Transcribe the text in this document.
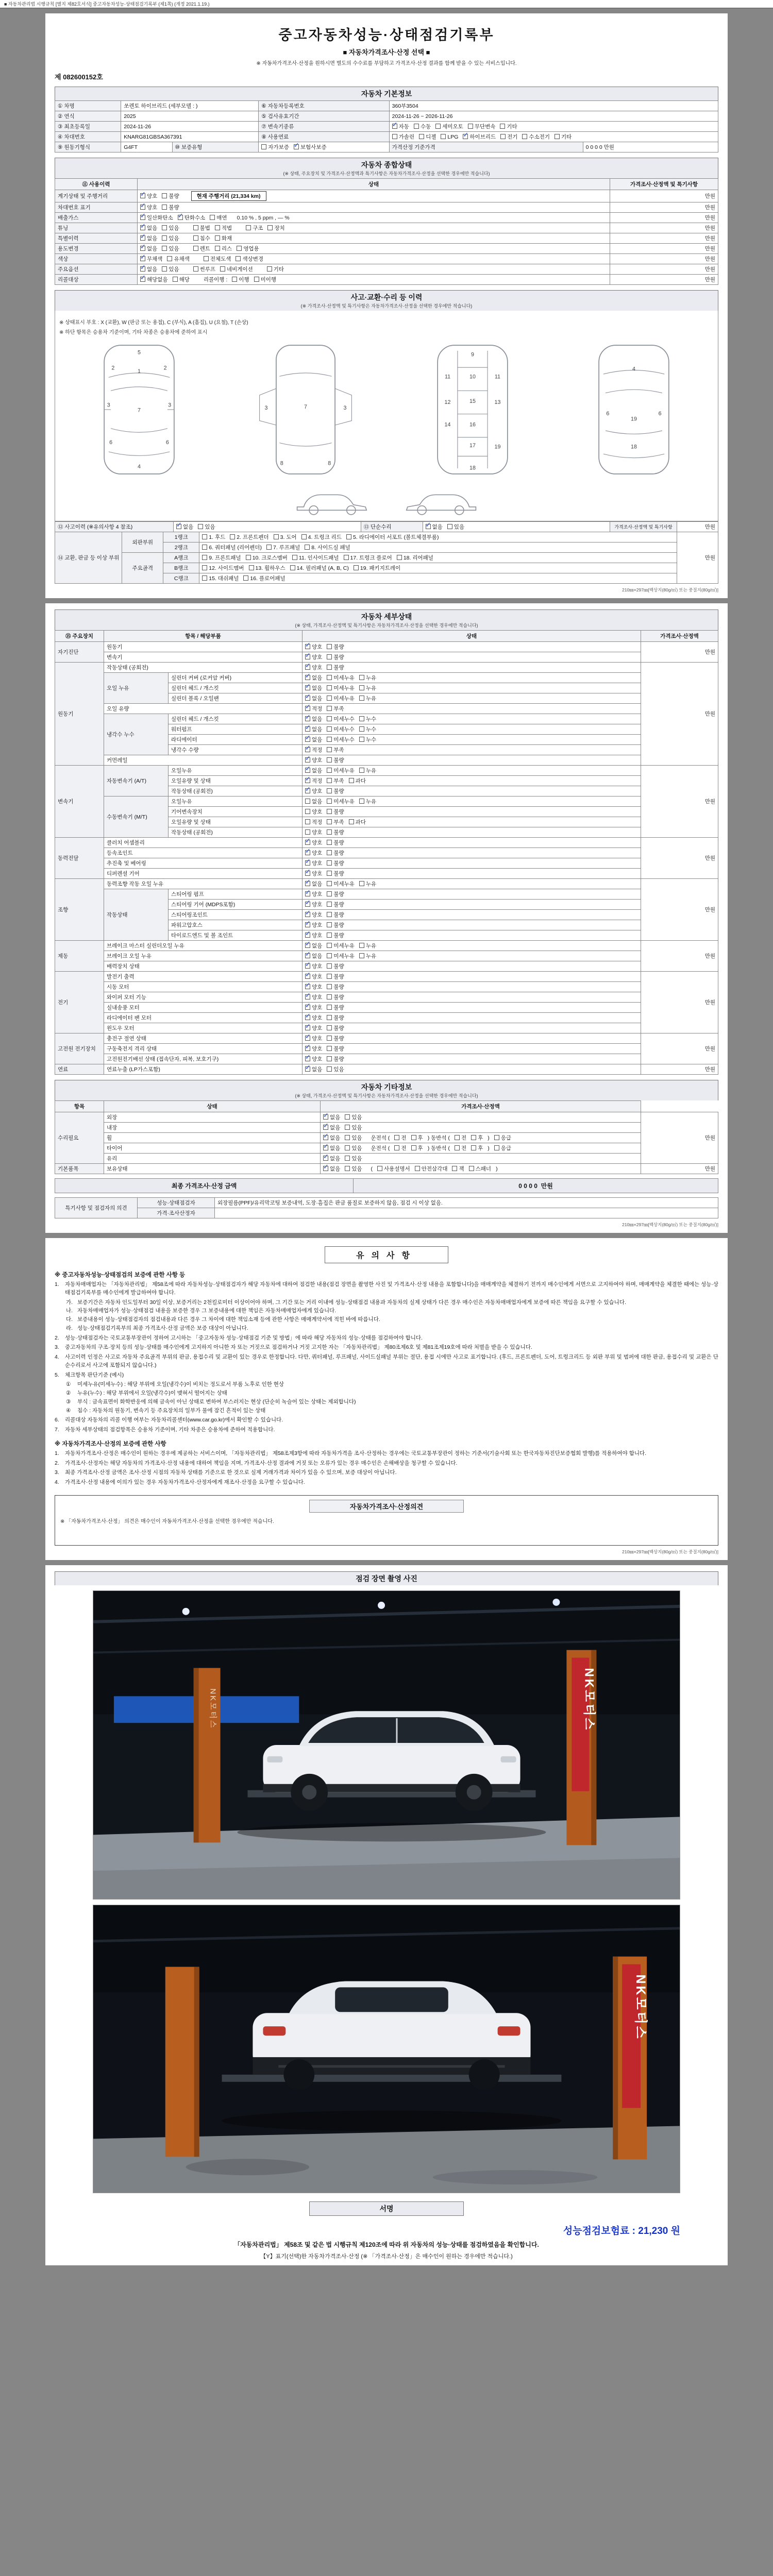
■ 자동차관리법 시행규칙 [별지 제82호서식] 중고자동차성능·상태점검기록부 (제1쪽) (개정 2021.1.19.)
중고자동차성능·상태점검기록부
■ 자동차가격조사·산정 선택 ■
※ 자동차가격조사·산정을 원하시면 별도의 수수료를 부담하고 가격조사·산정 결과를 함께 받을 수 있는 서비스입니다.
제 082600152호
자동차 기본정보
① 차명	쏘렌토 하이브리드 (세부모델 : )		⑥ 자동차등록번호	360부3504	
② 연식	2025		⑤ 검사유효기간	2024-11-26 ~ 2026-11-26	
③ 최초등록일	2024-11-26		⑦ 변속기종류	✓자동 수동 세미오토 무단변속 기타
④ 차대번호	KNARG81GBSA367391		⑧ 사용연료	가솔린 디젤 LPG ✓ 하이브리드 전기 수소전기 기타
⑨ 원동기형식	G4FT	⑩ 보증유형	자가보증 ✓ 보험사보증	가격산정 기준가격	0 0 0 0 만원
자동차 종합상태
(※ 상태, 주요장치 및 가격조사·산정액과 특기사항은 자동차가격조사·산정을 선택한 경우에만 적습니다)
⑪ 사용이력	상태	가격조사·산정액 및 특기사항
계기상태 및 주행거리	✓양호 불량 현재 주행거리 (21,334 km)	만원
차대번호 표기	✓양호 불량	만원
배출가스	✓일산화탄소 ✓ 탄화수소 매연 0.10 % , 5 ppm , ― %	만원
튜닝	✓없음 있음 불법 적법 구조 장치	만원
특별이력	✓없음 있음 침수 화재	만원
용도변경	✓없음 있음 렌트 리스 영업용	만원
색상	✓무채색 유채색 전체도색 색상변경	만원
주요옵션	✓없음 있음 썬루프 네비게이션 기타	만원
리콜대상	✓해당없음 해당 리콜이행 : 이행 미이행	만원
사고·교환·수리 등 이력
(※ 가격조사·산정액 및 특기사항은 자동차가격조사·산정을 선택한 경우에만 적습니다)
※ 상태표시 부호 : X (교환), W (판금 또는 용접), C (부식), A (흠집), U (요철), T (손상)
※ 하단 항목은 승용차 기준이며, 기타 차종은 승용차에 준하여 표시
5
1
2	2
3	3
7
6	6
4
3	3
7
8	8
9
10
11	11
12	13
14
15
16
17
18
19
4
6	6
18
19
⑫ 사고이력 (※유의사항 4 참조)	✓없음 있음	⑬ 단순수리	✓없음 있음	가격조사·산정액 및 특기사항	만원
⑭ 교환, 판금 등 이상 부위	외판부위	1랭크	1. 후드 2. 프론트펜더 3. 도어 4. 트렁크 리드 5. 라디에이터 서포트 (볼트체결부품)	만원
		2랭크	6. 쿼터패널 (리어펜더) 7. 루프패널 8. 사이드실 패널	
	주요골격	A랭크	9. 프론트패널 10. 크로스멤버 11. 인사이드패널 17. 트렁크 플로어 18. 리어패널	
		B랭크	12. 사이드멤버 13. 휠하우스 14. 필러패널 (A, B, C) 19. 패키지트레이	
		C랭크	15. 대쉬패널 16. 플로어패널	
210㎜×297㎜[백상지(80g/㎡) 또는 중질지(80g/㎡)]
자동차 세부상태
(※ 상태, 가격조사·산정액 및 특기사항은 자동차가격조사·산정을 선택한 경우에만 적습니다)
⑮ 주요장치	항목 / 해당부품		상태	가격조사·산정액
자기진단	원동기	✓양호 불량	만원
	변속기	✓양호 불량
원동기	작동상태 (공회전)	✓양호 불량	만원
	오일 누유	실린더 커버 (로커암 커버)	✓없음 미세누유 누유
		실린더 헤드 / 개스킷	✓없음 미세누유 누유
		실린더 블록 / 오일팬	✓없음 미세누유 누유
	오일 유량	✓적정 부족
	냉각수 누수	실린더 헤드 / 개스킷	✓없음 미세누수 누수
		워터펌프	✓없음 미세누수 누수
		라디에이터	✓없음 미세누수 누수
		냉각수 수량	✓적정 부족
	커먼레일	✓양호 불량
변속기	자동변속기 (A/T)	오일누유	✓없음 미세누유 누유	만원
		오일유량 및 상태	✓적정 부족 과다
		작동상태 (공회전)	✓양호 불량
	수동변속기 (M/T)	오일누유	없음 미세누유 누유	
		기어변속장치	양호 불량	
		오일유량 및 상태	적정 부족 과다	
		작동상태 (공회전)	양호 불량	
동력전달	클러치 어셈블리	✓양호 불량	만원
	등속조인트	✓양호 불량
	추진축 및 베어링	✓양호 불량
	디퍼렌셜 기어	✓양호 불량
조향	동력조향 작동 오일 누유	✓없음 미세누유 누유	만원
	작동상태	스티어링 펌프	✓양호 불량
		스티어링 기어 (MDPS포함)	✓양호 불량
		스티어링조인트	✓양호 불량
		파워고압호스	✓양호 불량
		타이로드엔드 및 볼 조인트	✓양호 불량
제동	브레이크 마스터 실린더오일 누유	✓없음 미세누유 누유	만원
	브레이크 오일 누유	✓없음 미세누유 누유
	배력장치 상태	✓양호 불량
전기	발전기 출력	✓양호 불량	만원
	시동 모터	✓양호 불량
	와이퍼 모터 기능	✓양호 불량
	실내송풍 모터	✓양호 불량
	라디에이터 팬 모터	✓양호 불량
	윈도우 모터	✓양호 불량
고전원 전기장치	충전구 절연 상태	✓양호 불량	만원
	구동축전지 격리 상태	✓양호 불량
	고전원전기배선 상태 (접속단자, 피복, 보호기구)	✓양호 불량
연료	연료누출 (LP가스포함)	✓없음 있음	만원
자동차 기타정보
(※ 상태, 가격조사·산정액 및 특기사항은 자동차가격조사·산정을 선택한 경우에만 적습니다)
항목	상태	가격조사·산정액	
수리필요	외장	✓없음 있음	만원
	내장	✓없음 있음
	휠	✓없음 있음 운전석 ( 전 후 ) 동반석 ( 전 후 ) 응급
	타이어	✓없음 있음 운전석 ( 전 후 ) 동반석 ( 전 후 ) 응급
	유리	✓없음 있음
기본품목	보유상태	✓없음 있음 ( 사용설명서 안전삼각대 잭 스패너 )	만원
최종 가격조사·산정 금액	0 0 0 0 만원
특기사항 및 점검자의 의견	성능·상태점검자	외장필름(PPF)/유리막코팅 보증내역, 도장·흠집은 판금 품질로 보증하지 않음, 점검 시 이상 없음.
	가격·조사산정자	
210㎜×297㎜[백상지(80g/㎡) 또는 중질지(80g/㎡)]
유의사항
※ 중고자동차성능·상태점검의 보증에 관한 사항 등
1.	자동차매매업자는 「자동차관리법」 제58조에 따라 자동차성능·상태점검자가 해당 자동차에 대하여 점검한 내용(점검 장면을 촬영한 사진 및 가격조사·산정 내용을 포함합니다)을 매매계약을 체결하기 전까지 매수인에게 서면으로 고지하여야 하며, 매매계약을 체결한 때에는 성능·상태점검기록부를 매수인에게 발급하여야 합니다.
가. 보증기간은 자동차 인도일부터 30일 이상, 보증거리는 2천킬로미터 이상이어야 하며, 그 기간 또는 거리 이내에 성능·상태점검 내용과 자동차의 실제 상태가 다른 경우 매수인은 자동차매매업자에게 보증에 따른 책임을 요구할 수 있습니다.
나. 자동차매매업자가 성능·상태점검 내용을 보증한 경우 그 보증내용에 대한 책임은 자동차매매업자에게 있습니다.
다. 보증내용이 성능·상태점검자의 점검내용과 다른 경우 그 차이에 대한 책임소재 등에 관한 사항은 매매계약서에 적힌 바에 따릅니다.
라. 성능·상태점검기록부의 최종 가격조사·산정 금액은 보증 대상이 아닙니다.
2.	성능·상태점검자는 국토교통부장관이 정하여 고시하는 「중고자동차 성능·상태점검 기준 및 방법」에 따라 해당 자동차의 성능·상태를 점검하여야 합니다.
3.	중고자동차의 구조·장치 등의 성능·상태를 매수인에게 고지하지 아니한 자 또는 거짓으로 점검하거나 거짓 고지한 자는 「자동차관리법」 제80조제6호 및 제81조제19호에 따라 처벌을 받을 수 있습니다.
4.	사고이력 인정은 사고로 자동차 주요골격 부위의 판금, 용접수리 및 교환이 있는 경우로 한정합니다. 다만, 쿼터패널, 루프패널, 사이드실패널 부위는 절단, 용접 시에만 사고로 표기합니다. (후드, 프론트펜더, 도어, 트렁크리드 등 외판 부위 및 범퍼에 대한 판금, 용접수리 및 교환은 단순수리로서 사고에 포함되지 않습니다.)
5.	체크항목 판단기준 (예시)
①	미세누유(미세누수) : 해당 부위에 오일(냉각수)이 비치는 정도로서 부품 노후로 인한 현상
②	누유(누수) : 해당 부위에서 오일(냉각수)이 맺혀서 떨어지는 상태
③	부식 : 금속표면이 화학반응에 의해 금속이 아닌 상태로 변하여 부스러지는 현상 (단순히 녹슬어 있는 상태는 제외합니다)
④	침수 : 자동차의 원동기, 변속기 등 주요장치의 일부가 물에 잠긴 흔적이 있는 상태
6.	리콜대상 자동차의 리콜 이행 여부는 자동차리콜센터(www.car.go.kr)에서 확인할 수 있습니다.
7.	자동차 세부상태의 점검항목은 승용차 기준이며, 기타 차종은 승용차에 준하여 적용합니다.
※ 자동차가격조사·산정의 보증에 관한 사항
1.	자동차가격조사·산정은 매수인이 원하는 경우에 제공하는 서비스이며, 「자동차관리법」 제58조제3항에 따라 자동차가격을 조사·산정하는 경우에는 국토교통부장관이 정하는 기준서(기술사회 또는 한국자동차진단보증협회 발행)를 적용하여야 합니다.
2.	가격조사·산정자는 해당 자동차의 가격조사·산정 내용에 대하여 책임을 지며, 가격조사·산정 결과에 거짓 또는 오류가 있는 경우 매수인은 손해배상을 청구할 수 있습니다.
3.	최종 가격조사·산정 금액은 조사·산정 시점의 자동차 상태를 기준으로 한 것으로 실제 거래가격과 차이가 있을 수 있으며, 보증 대상이 아닙니다.
4.	가격조사·산정 내용에 이의가 있는 경우 자동차가격조사·산정자에게 재조사·산정을 요구할 수 있습니다.
자동차가격조사·산정의견
※ 「자동차가격조사·산정」 의견은 매수인이 자동차가격조사·산정을 선택한 경우에만 적습니다.
210㎜×297㎜[백상지(80g/㎡) 또는 중질지(80g/㎡)]
점검 장면 촬영 사진
NK모터스
NK모터스
NK모터스
서명
성능점검보험료 : 21,230 원
「자동차관리법」 제58조 및 같은 법 시행규칙 제120조에 따라 위 자동차의 성능·상태를 점검하였음을 확인합니다.
【Y】표기(선택)한 자동차가격조사·산정 (※ 「가격조사·산정」은 매수인이 원하는 경우에만 적습니다.)
